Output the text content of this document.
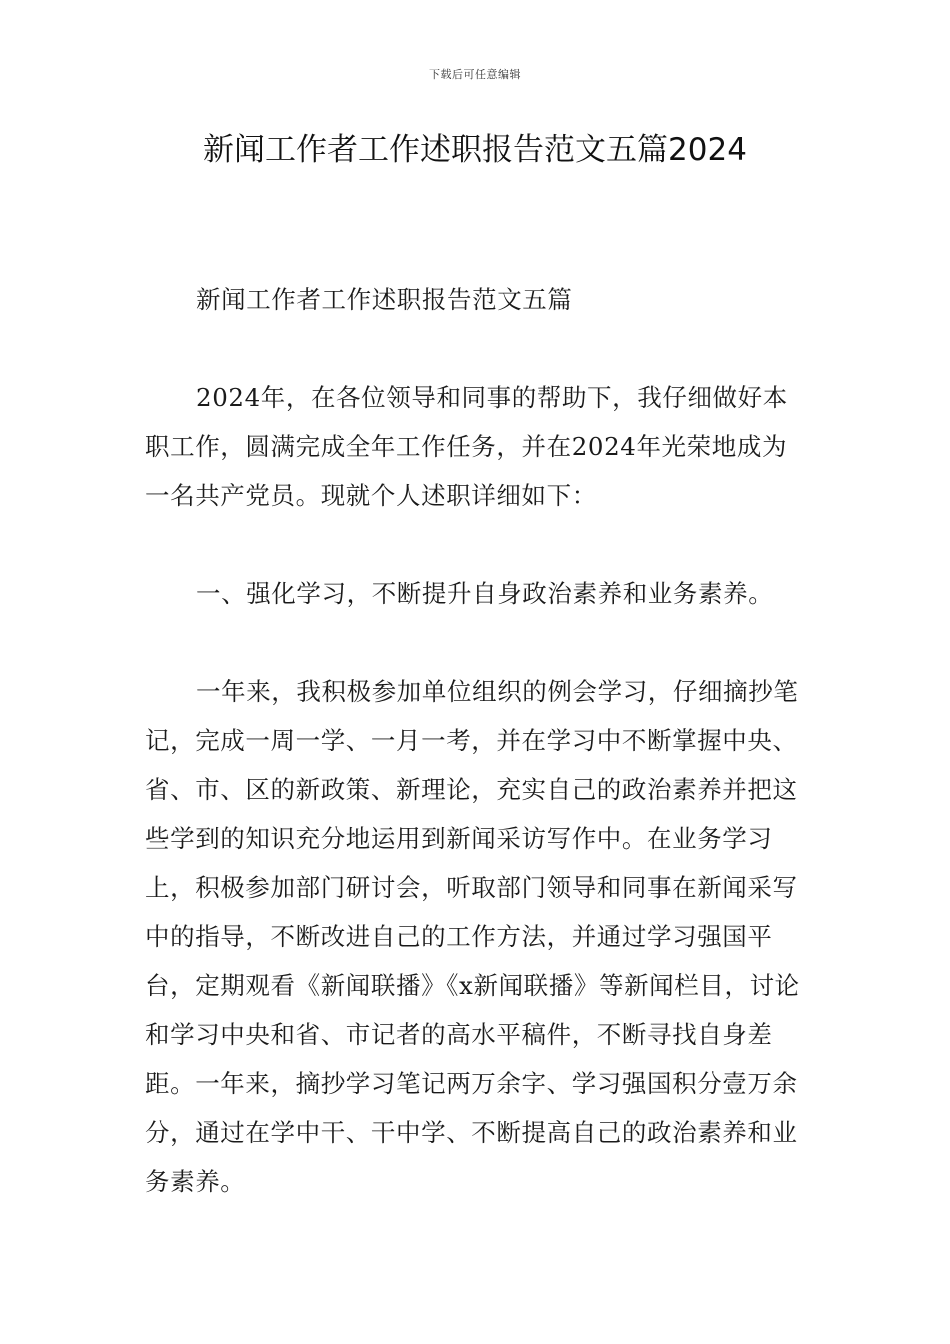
下载后可任意编辑
新闻工作者工作述职报告范文五篇2024

新闻工作者工作述职报告范文五篇

2024年，在各位领导和同事的帮助下，我仔细做好本职工作，圆满完成全年工作任务，并在2024年光荣地成为一名共产党员。现就个人述职详细如下：

一、强化学习，不断提升自身政治素养和业务素养。

一年来，我积极参加单位组织的例会学习，仔细摘抄笔记，完成一周一学、一月一考，并在学习中不断掌握中央、省、市、区的新政策、新理论，充实自己的政治素养并把这些学到的知识充分地运用到新闻采访写作中。在业务学习上，积极参加部门研讨会，听取部门领导和同事在新闻采写中的指导，不断改进自己的工作方法，并通过学习强国平台，定期观看《新闻联播》《x新闻联播》等新闻栏目，讨论和学习中央和省、市记者的高水平稿件，不断寻找自身差距。一年来，摘抄学习笔记两万余字、学习强国积分壹万余分，通过在学中干、干中学、不断提高自己的政治素养和业务素养。
